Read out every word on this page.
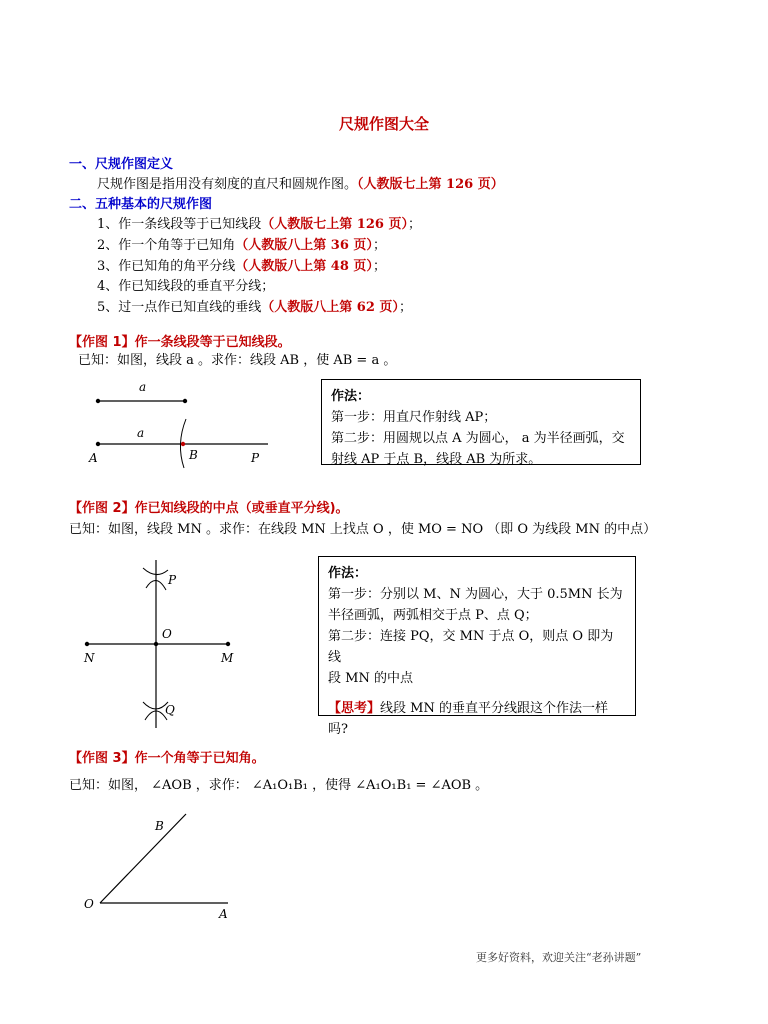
尺规作图大全
一、尺规作图定义
尺规作图是指用没有刻度的直尺和圆规作图。（人教版七上第 126 页）
二、五种基本的尺规作图
1、作一条线段等于已知线段（人教版七上第 126 页）；
2、作一个角等于已知角（人教版八上第 36 页）；
3、作已知角的角平分线（人教版八上第 48 页）；
4、作已知线段的垂直平分线；
5、过一点作已知直线的垂线（人教版八上第 62 页）；
【作图 1】作一条线段等于已知线段。
已知：如图，线段 a 。求作：线段 AB ，使 AB = a 。
a
a
A	B	P
P
O
N	M
Q
B
O
A
作法：
第一步：用直尺作射线 AP；
第二步：用圆规以点 A 为圆心， a 为半径画弧，交
射线 AP 于点 B，线段 AB 为所求。
【作图 2】作已知线段的中点（或垂直平分线)。
已知：如图，线段 MN 。求作：在线段 MN 上找点 O ，使 MO = NO （即 O 为线段 MN 的中点）
作法：
第一步：分别以 M、N 为圆心，大于 0.5MN 长为
半径画弧，两弧相交于点 P、点 Q；
第二步：连接 PQ，交 MN 于点 O，则点 O 即为线
段 MN 的中点
【思考】线段 MN 的垂直平分线跟这个作法一样
吗?
【作图 3】作一个角等于已知角。
已知：如图， ∠AOB ，求作： ∠A₁O₁B₁ ，使得 ∠A₁O₁B₁ = ∠AOB 。
更多好资料，欢迎关注“老孙讲题”
